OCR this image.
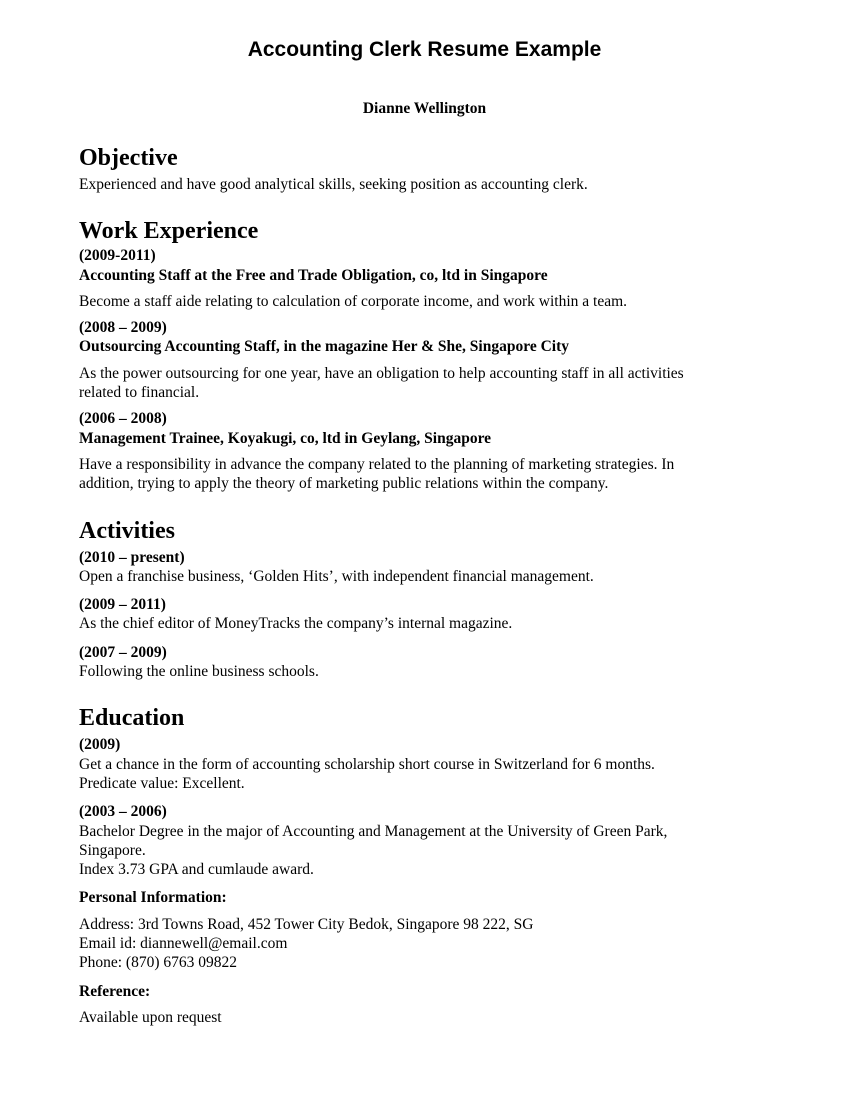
Accounting Clerk Resume Example
Dianne Wellington
Objective

Experienced and have good analytical skills, seeking position as accounting clerk.

Work Experience

(2009-2011)

Accounting Staff at the Free and Trade Obligation, co, ltd in Singapore

Become a staff aide relating to calculation of corporate income, and work within a team.

(2008 – 2009)

Outsourcing Accounting Staff, in the magazine Her & She, Singapore City

As the power outsourcing for one year, have an obligation to help accounting staff in all activities

related to financial.

(2006 – 2008)

Management Trainee, Koyakugi, co, ltd in Geylang, Singapore

Have a responsibility in advance the company related to the planning of marketing strategies. In

addition, trying to apply the theory of marketing public relations within the company.

Activities

(2010 – present)

Open a franchise business, ‘Golden Hits’, with independent financial management.

(2009 – 2011)

As the chief editor of MoneyTracks the company’s internal magazine.

(2007 – 2009)

Following the online business schools.

Education

(2009)

Get a chance in the form of accounting scholarship short course in Switzerland for 6 months.

Predicate value: Excellent.

(2003 – 2006)

Bachelor Degree in the major of Accounting and Management at the University of Green Park,

Singapore.

Index 3.73 GPA and cumlaude award.

Personal Information:

Address: 3rd Towns Road, 452 Tower City Bedok, Singapore 98 222, SG

Email id: diannewell@email.com

Phone: (870) 6763 09822

Reference:

Available upon request
